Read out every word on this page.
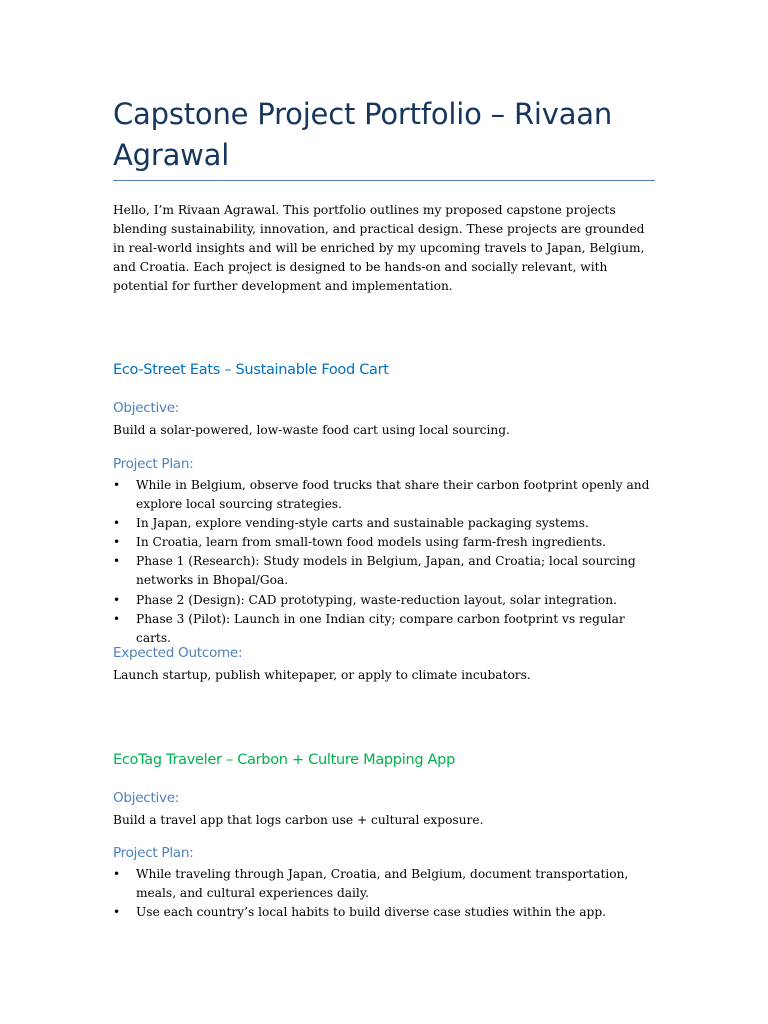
Capstone Project Portfolio – Rivaan Agrawal

Hello, I’m Rivaan Agrawal. This portfolio outlines my proposed capstone projects blending sustainability, innovation, and practical design. These projects are grounded in real-world insights and will be enriched by my upcoming travels to Japan, Belgium, and Croatia. Each project is designed to be hands-on and socially relevant, with potential for further development and implementation.

Eco-Street Eats – Sustainable Food Cart
Objective:

Build a solar-powered, low-waste food cart using local sourcing.

Project Plan:
• While in Belgium, observe food trucks that share their carbon footprint openly and explore local sourcing strategies.
• In Japan, explore vending-style carts and sustainable packaging systems.
• In Croatia, learn from small-town food models using farm-fresh ingredients.
• Phase 1 (Research): Study models in Belgium, Japan, and Croatia; local sourcing networks in Bhopal/Goa.
• Phase 2 (Design): CAD prototyping, waste-reduction layout, solar integration.
• Phase 3 (Pilot): Launch in one Indian city; compare carbon footprint vs regular carts.
Expected Outcome:

Launch startup, publish whitepaper, or apply to climate incubators.

EcoTag Traveler – Carbon + Culture Mapping App
Objective:

Build a travel app that logs carbon use + cultural exposure.

Project Plan:
• While traveling through Japan, Croatia, and Belgium, document transportation, meals, and cultural experiences daily.
• Use each country’s local habits to build diverse case studies within the app.
